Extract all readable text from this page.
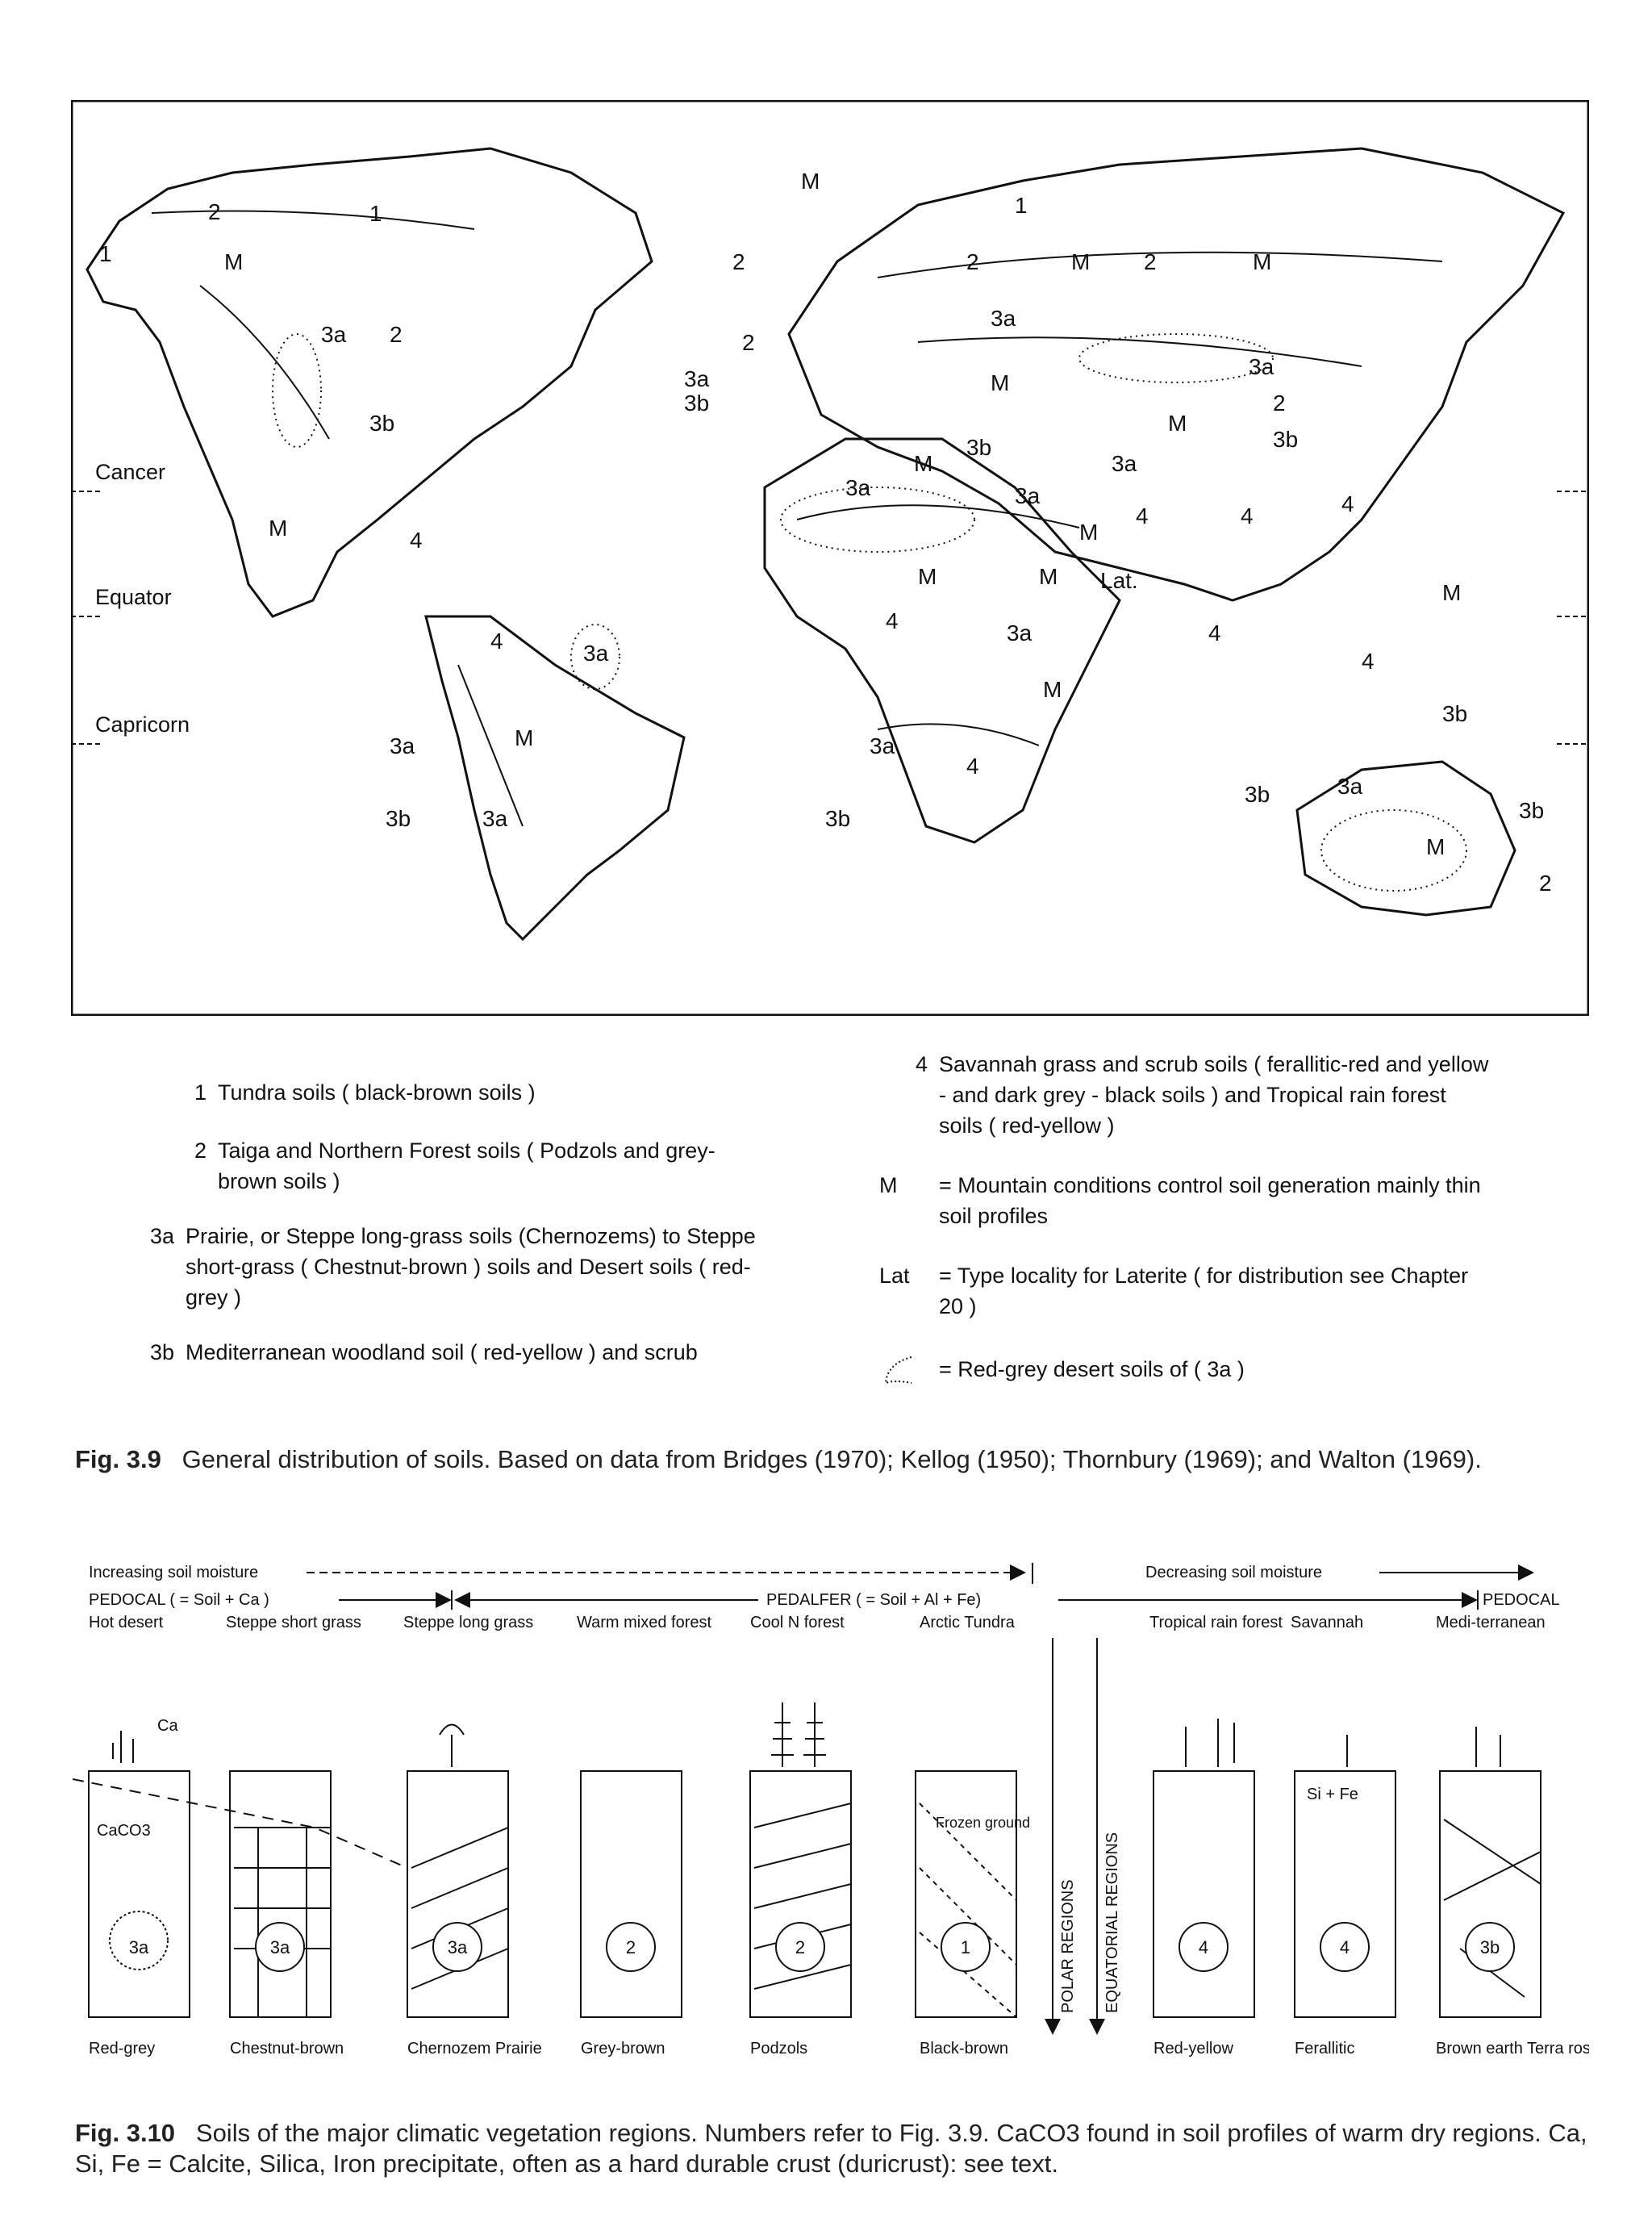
Cancer
Equator
Capricorn
2	1
1	M
3a 2
3b
M	4
4	3a
3a	M
3b	3a
M
2
2
3a
3b
1
2	M 2	M
3a
3a
2
M
3b
3a
M
3b
M
3a
3a
4	4	4
M
Lat.
M	M
4	3a	4
4
M
M
4
3a
3b
3a
3b
3b
3b
M
2
1 Tundra soils ( black-brown soils )
2 Taiga and Northern Forest soils ( Podzols and grey-brown soils )
3a Prairie, or Steppe long-grass soils (Chernozems) to Steppe short-grass ( Chestnut-brown ) soils and Desert soils ( red-grey )
3b Mediterranean woodland soil ( red-yellow ) and scrub
4 Savannah grass and scrub soils ( ferallitic-red and yellow - and dark grey - black soils ) and Tropical rain forest soils ( red-yellow )
M	= Mountain conditions control soil generation mainly thin soil profiles
Lat	= Type locality for Laterite ( for distribution see Chapter 20 )
= Red-grey desert soils of ( 3a )
Fig. 3.9 General distribution of soils. Based on data from Bridges (1970); Kellog (1950); Thornbury (1969); and Walton (1969).
Increasing soil moisture	Decreasing soil moisture
PEDOCAL ( = Soil + Ca )	PEDALFER ( = Soil + Al + Fe)	PEDOCAL
Hot desert	Steppe short grass	Steppe long grass	Warm mixed forest Cool N forest	Arctic Tundra	Tropical rain forest Savannah	Medi-terranean
3a	3a	3a	2	2	1	4	4	3b
Ca
CaCO3	Frozen ground
Si + Fe
POLAR REGIONS EQUATORIAL REGIONS
Red-grey	Chestnut-brown	Chernozem Prairie Grey-brown	Podzols	Black-brown	Red-yellow	Ferallitic	Brown earth Terra rosa
Fig. 3.10 Soils of the major climatic vegetation regions. Numbers refer to Fig. 3.9. CaCO3 found in soil profiles of warm dry regions. Ca, Si, Fe = Calcite, Silica, Iron precipitate, often as a hard durable crust (duricrust): see text.
